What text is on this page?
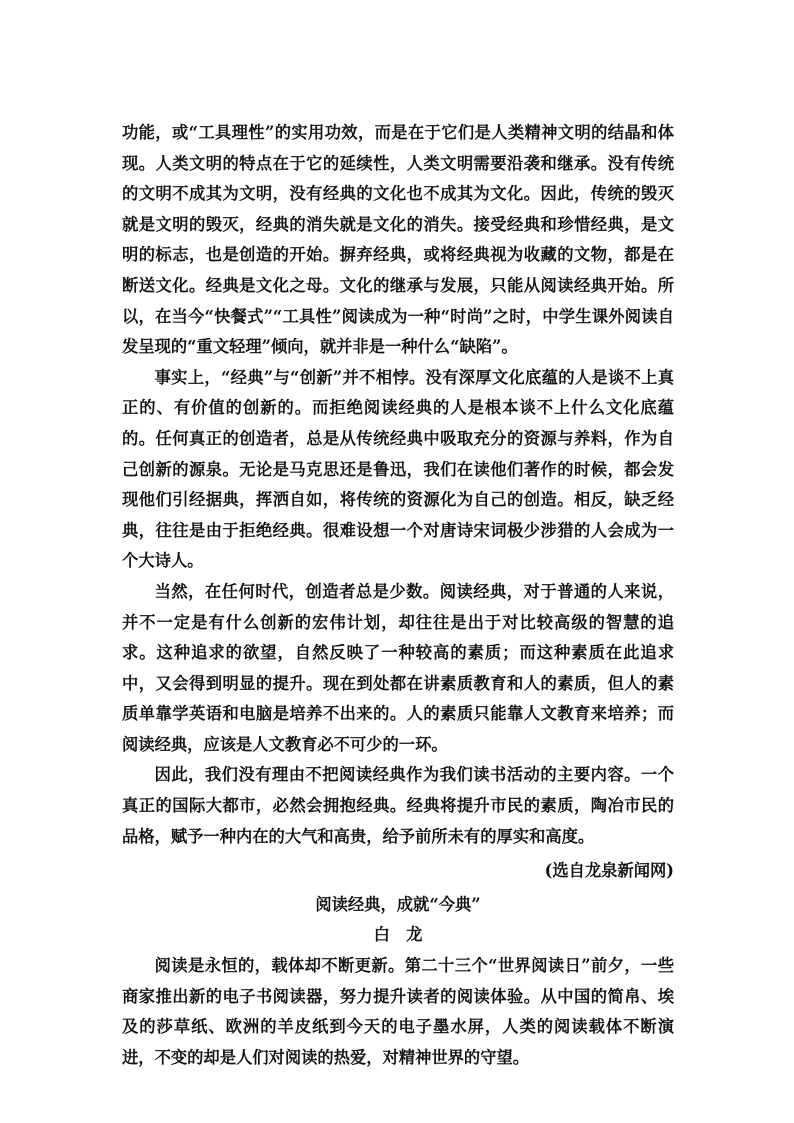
功能，或“工具理性”的实用功效，而是在于它们是人类精神文明的结晶和体现。人类文明的特点在于它的延续性，人类文明需要沿袭和继承。没有传统的文明不成其为文明，没有经典的文化也不成其为文化。因此，传统的毁灭就是文明的毁灭，经典的消失就是文化的消失。接受经典和珍惜经典，是文明的标志，也是创造的开始。摒弃经典，或将经典视为收藏的文物，都是在断送文化。经典是文化之母。文化的继承与发展，只能从阅读经典开始。所以，在当今“快餐式”“工具性”阅读成为一种“时尚”之时，中学生课外阅读自发呈现的“重文轻理”倾向，就并非是一种什么“缺陷”。

事实上，“经典”与“创新”并不相悖。没有深厚文化底蕴的人是谈不上真正的、有价值的创新的。而拒绝阅读经典的人是根本谈不上什么文化底蕴的。任何真正的创造者，总是从传统经典中吸取充分的资源与养料，作为自己创新的源泉。无论是马克思还是鲁迅，我们在读他们著作的时候，都会发现他们引经据典，挥洒自如，将传统的资源化为自己的创造。相反，缺乏经典，往往是由于拒绝经典。很难设想一个对唐诗宋词极少涉猎的人会成为一个大诗人。

当然，在任何时代，创造者总是少数。阅读经典，对于普通的人来说，并不一定是有什么创新的宏伟计划，却往往是出于对比较高级的智慧的追求。这种追求的欲望，自然反映了一种较高的素质；而这种素质在此追求中，又会得到明显的提升。现在到处都在讲素质教育和人的素质，但人的素质单靠学英语和电脑是培养不出来的。人的素质只能靠人文教育来培养；而阅读经典，应该是人文教育必不可少的一环。

因此，我们没有理由不把阅读经典作为我们读书活动的主要内容。一个真正的国际大都市，必然会拥抱经典。经典将提升市民的素质，陶冶市民的品格，赋予一种内在的大气和高贵，给予前所未有的厚实和高度。

(选自龙泉新闻网)

阅读经典，成就“今典”

白龙

阅读是永恒的，载体却不断更新。第二十三个“世界阅读日”前夕，一些商家推出新的电子书阅读器，努力提升读者的阅读体验。从中国的简帛、埃及的莎草纸、欧洲的羊皮纸到今天的电子墨水屏，人类的阅读载体不断演进，不变的却是人们对阅读的热爱，对精神世界的守望。
